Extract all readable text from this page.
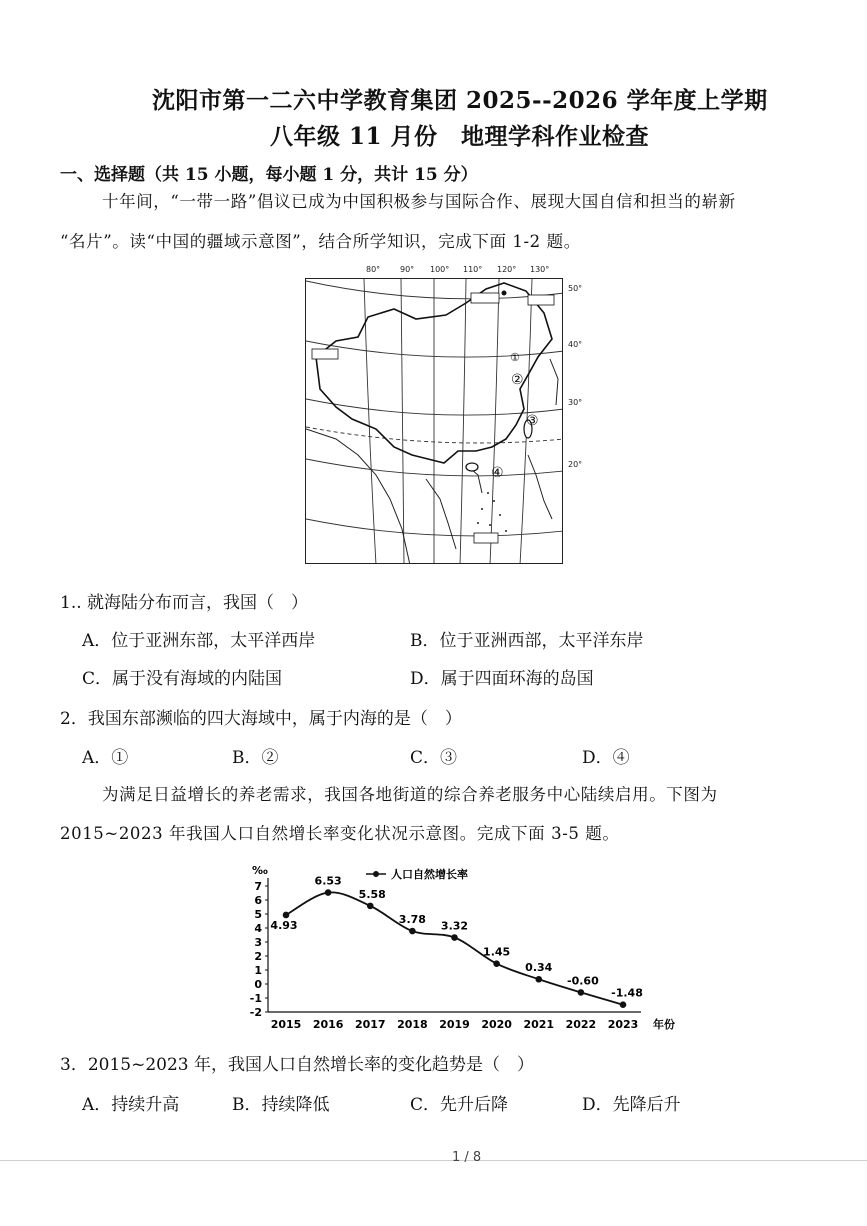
沈阳市第一二六中学教育集团 2025--2026 学年度上学期
八年级 11 月份　地理学科作业检查
一、选择题（共 15 小题，每小题 1 分，共计 15 分）
十年间，“一带一路”倡议已成为中国积极参与国际合作、展现大国自信和担当的崭新
“名片”。读“中国的疆域示意图”，结合所学知识，完成下面 1-2 题。
80° 90° 100° 110° 120° 130°
50°
40°
30°
20°
②
③
④
①
1.. 就海陆分布而言，我国（　）
A．位于亚洲东部，太平洋西岸	B．位于亚洲西部，太平洋东岸
C．属于没有海域的内陆国	D．属于四面环海的岛国
2．我国东部濒临的四大海域中，属于内海的是（　）
A．①	B．②	C．③	D．④
为满足日益增长的养老需求，我国各地街道的综合养老服务中心陆续启用。下图为
2015~2023 年我国人口自然增长率变化状况示意图。完成下面 3-5 题。
‰
7
6
5
4
3
2
1
0
-1
-2
2015 2016 2017 2018 2019 2020 2021 2022 2023 年份
人口自然增长率
4.93
6.53
5.58
3.78 3.32
1.45
0.34
-0.60
-1.48
3．2015~2023 年，我国人口自然增长率的变化趋势是（　）
A．持续升高	B．持续降低	C．先升后降	D．先降后升
1 / 8
